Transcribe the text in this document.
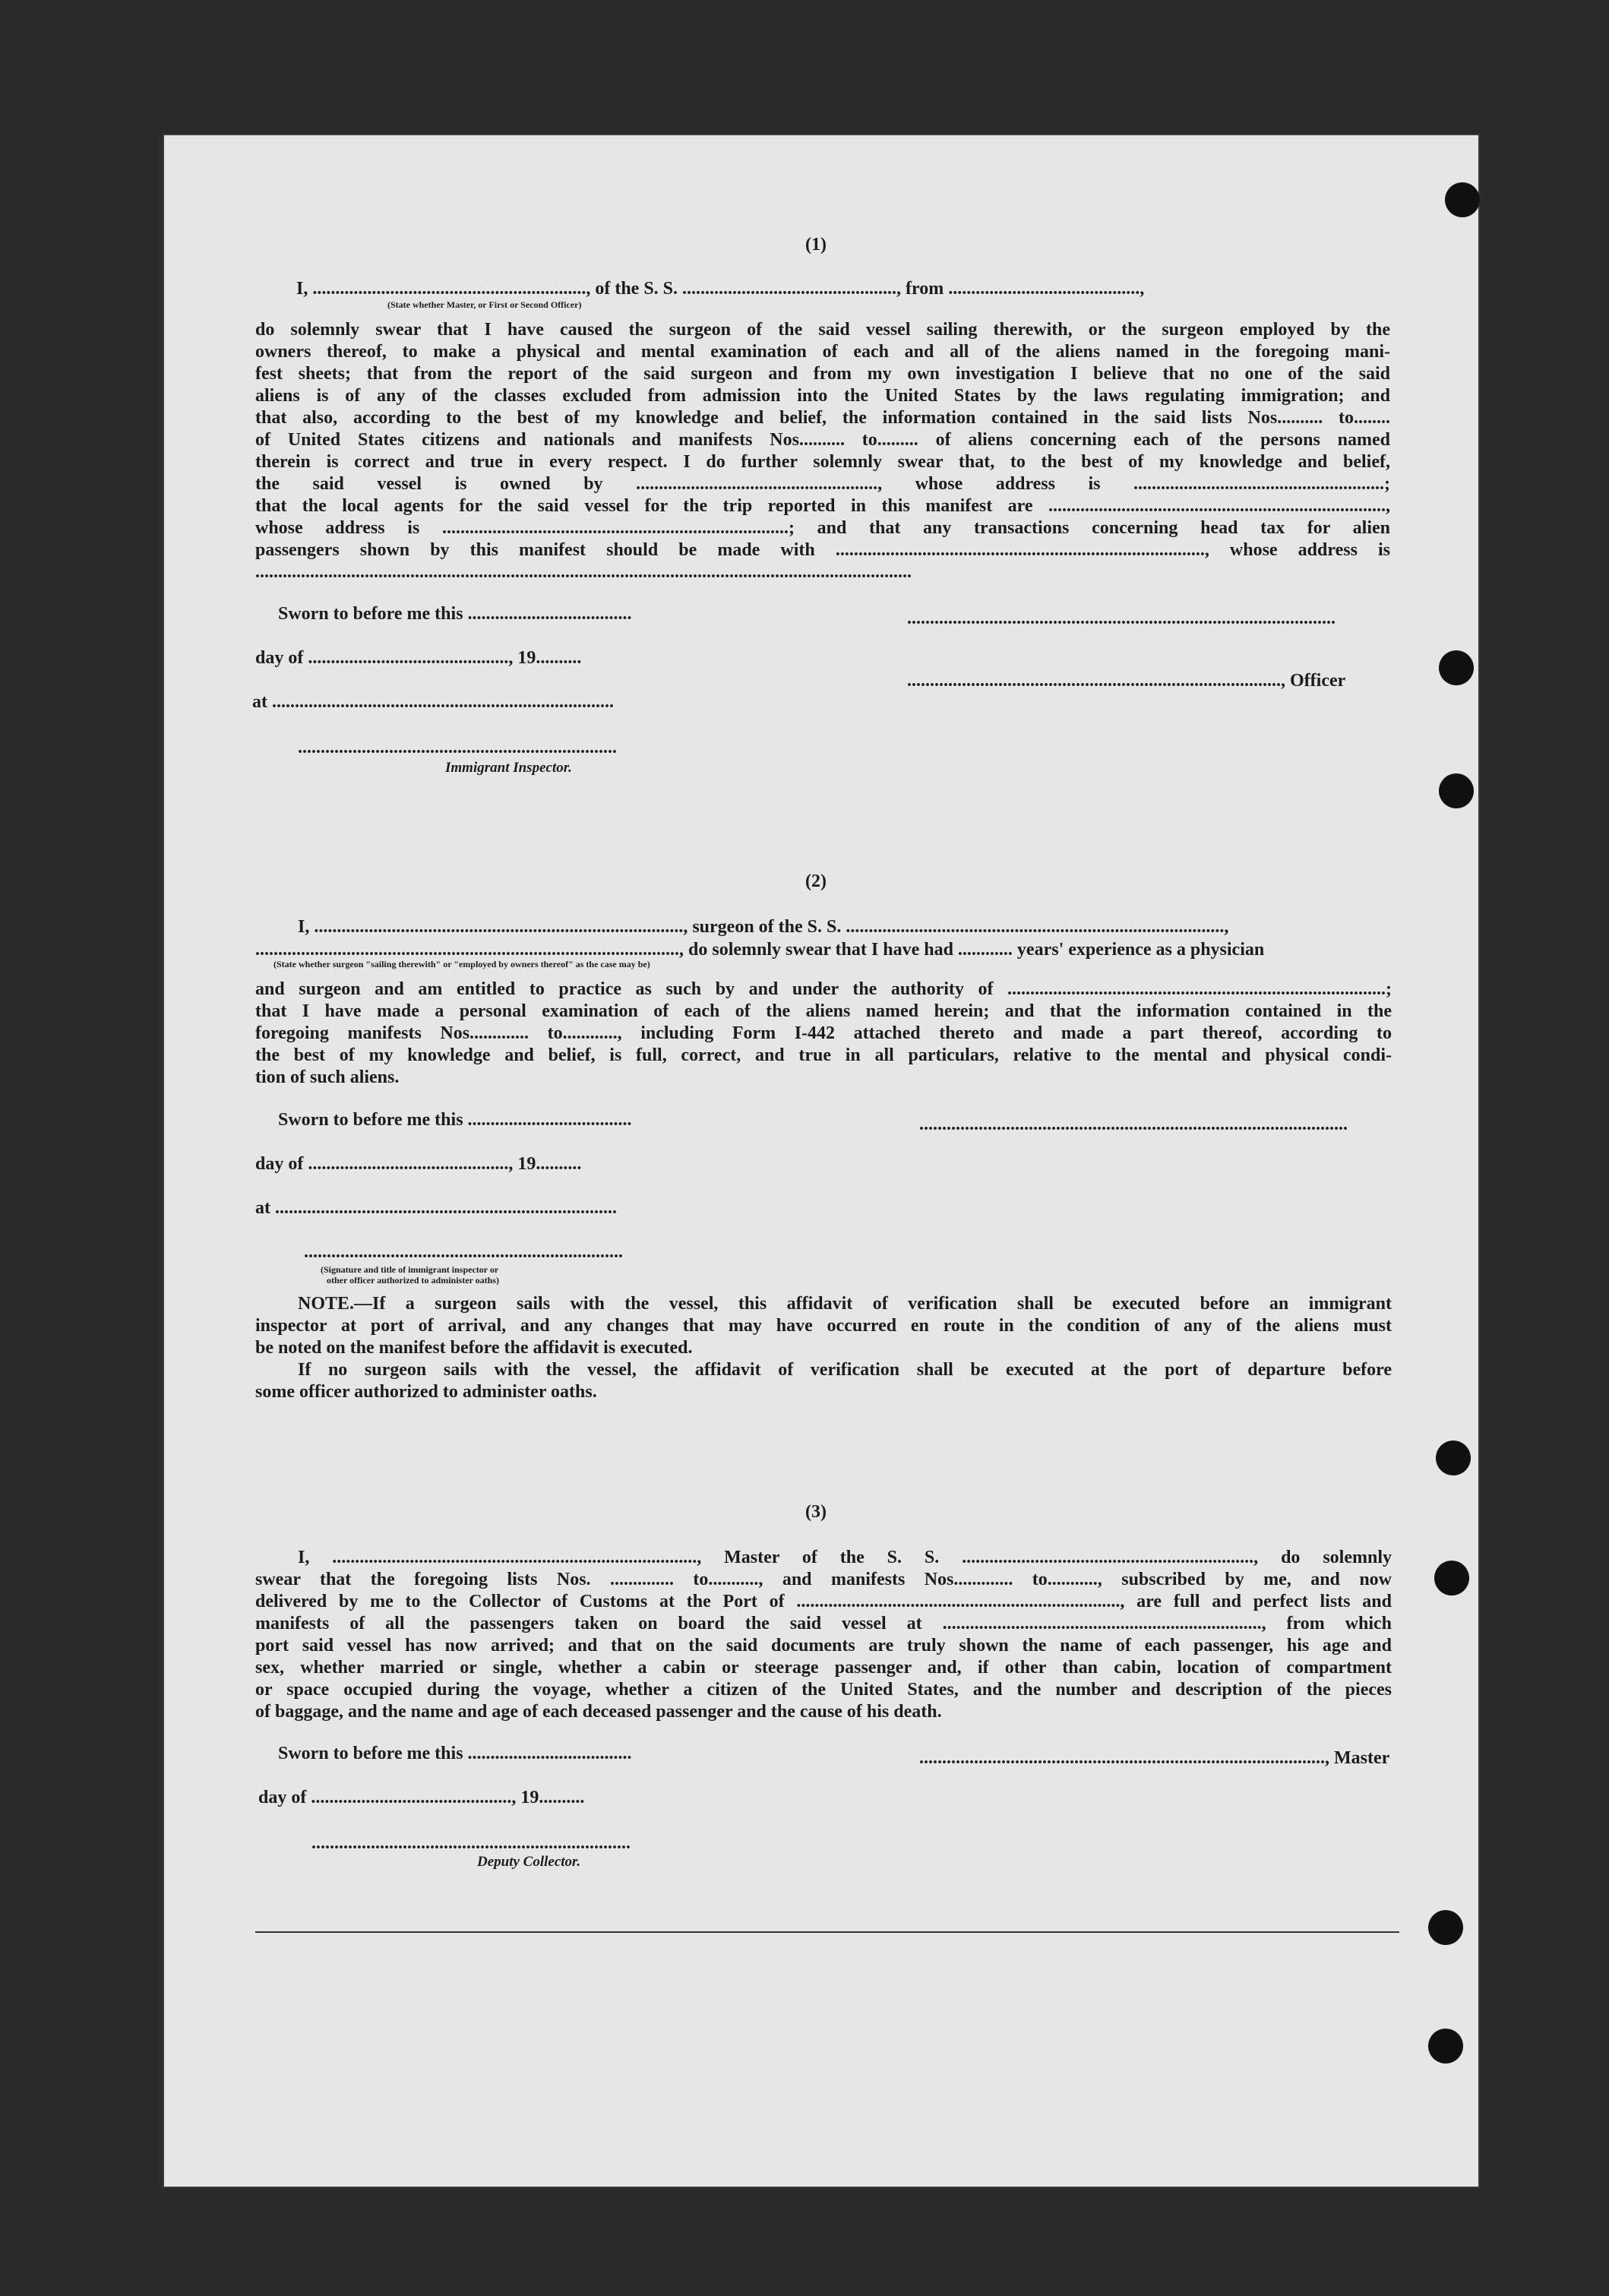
(1)
I, ............................................................, of the S. S. ..............................................., from ..........................................,
(State whether Master, or First or Second Officer)
do solemnly swear that I have caused the surgeon of the said vessel sailing therewith, or the surgeon employed by the
owners thereof, to make a physical and mental examination of each and all of the aliens named in the foregoing mani-
fest sheets; that from the report of the said surgeon and from my own investigation I believe that no one of the said
aliens is of any of the classes excluded from admission into the United States by the laws regulating immigration; and
that also, according to the best of my knowledge and belief, the information contained in the said lists Nos.......... to........
of United States citizens and nationals and manifests Nos.......... to......... of aliens concerning each of the persons named
therein is correct and true in every respect. I do further solemnly swear that, to the best of my knowledge and belief,
the said vessel is owned by ....................................................., whose address is .......................................................;
that the local agents for the said vessel for the trip reported in this manifest are ..........................................................................,
whose address is ............................................................................; and that any transactions concerning head tax for alien
passengers shown by this manifest should be made with ................................................................................., whose address is
................................................................................................................................................
Sworn to before me this ....................................
day of ............................................, 19..........
at ...........................................................................
......................................................................
Immigrant Inspector.
..............................................................................................
.................................................................................., Officer
(2)
I, ................................................................................., surgeon of the S. S. ...................................................................................,
............................................................................................., do solemnly swear that I have had ............ years' experience as a physician
(State whether surgeon "sailing therewith" or "employed by owners thereof" as the case may be)
and surgeon and am entitled to practice as such by and under the authority of ...................................................................................;
that I have made a personal examination of each of the aliens named herein; and that the information contained in the
foregoing manifests Nos............. to............, including Form I-442 attached thereto and made a part thereof, according to
the best of my knowledge and belief, is full, correct, and true in all particulars, relative to the mental and physical condi-
tion of such aliens.
Sworn to before me this ....................................
day of ............................................, 19..........
at ...........................................................................
......................................................................
(Signature and title of immigrant inspector or
other officer authorized to administer oaths)
..............................................................................................
NOTE.—If a surgeon sails with the vessel, this affidavit of verification shall be executed before an immigrant
inspector at port of arrival, and any changes that may have occurred en route in the condition of any of the aliens must
be noted on the manifest before the affidavit is executed.
If no surgeon sails with the vessel, the affidavit of verification shall be executed at the port of departure before
some officer authorized to administer oaths.
(3)
I, ................................................................................, Master of the S. S. ................................................................, do solemnly
swear that the foregoing lists Nos. .............. to..........., and manifests Nos............. to..........., subscribed by me, and now
delivered by me to the Collector of Customs at the Port of ......................................................................., are full and perfect lists and
manifests of all the passengers taken on board the said vessel at ......................................................................, from which
port said vessel has now arrived; and that on the said documents are truly shown the name of each passenger, his age and
sex, whether married or single, whether a cabin or steerage passenger and, if other than cabin, location of compartment
or space occupied during the voyage, whether a citizen of the United States, and the number and description of the pieces
of baggage, and the name and age of each deceased passenger and the cause of his death.
Sworn to before me this ....................................
day of ............................................, 19..........
......................................................................
Deputy Collector.
........................................................................................., Master
